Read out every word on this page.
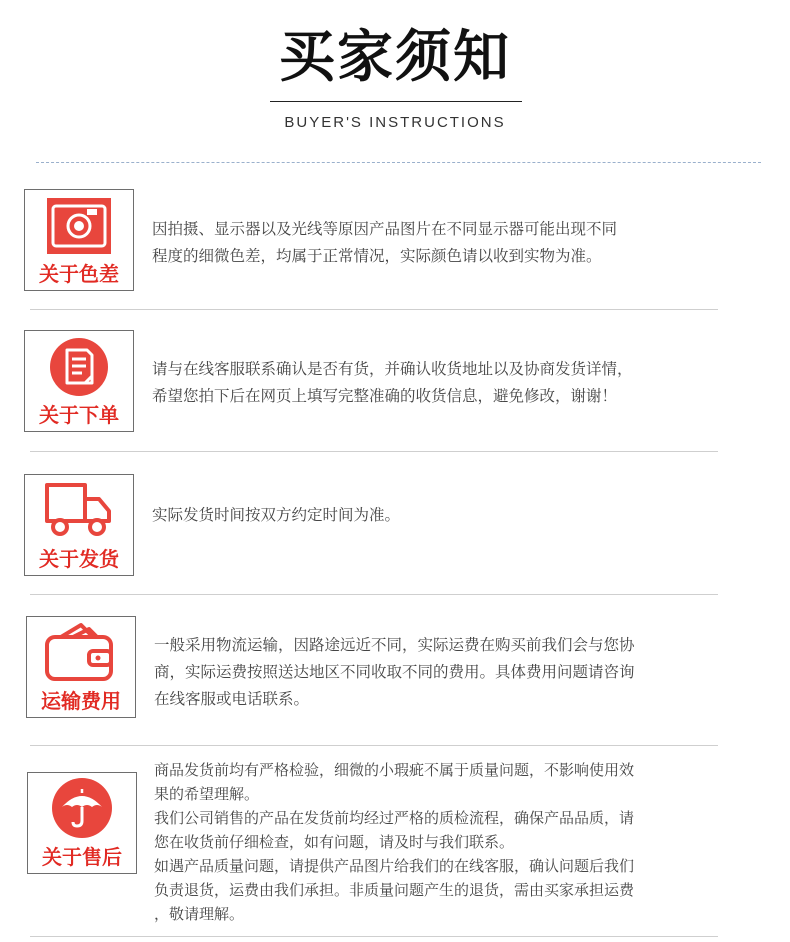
买家须知
BUYER'S INSTRUCTIONS
关于色差
因拍摄、显示器以及光线等原因产品图片在不同显示器可能出现不同
程度的细微色差，均属于正常情况，实际颜色请以收到实物为准。
关于下单
请与在线客服联系确认是否有货，并确认收货地址以及协商发货详情，
希望您拍下后在网页上填写完整准确的收货信息，避免修改，谢谢！
关于发货
实际发货时间按双方约定时间为准。
运输费用
一般采用物流运输，因路途远近不同，实际运费在购买前我们会与您协
商，实际运费按照送达地区不同收取不同的费用。具体费用问题请咨询
在线客服或电话联系。
关于售后
商品发货前均有严格检验，细微的小瑕疵不属于质量问题，不影响使用效
果的希望理解。
我们公司销售的产品在发货前均经过严格的质检流程，确保产品品质，请
您在收货前仔细检查，如有问题，请及时与我们联系。
如遇产品质量问题，请提供产品图片给我们的在线客服，确认问题后我们
负责退货，运费由我们承担。非质量问题产生的退货，需由买家承担运费
，敬请理解。
